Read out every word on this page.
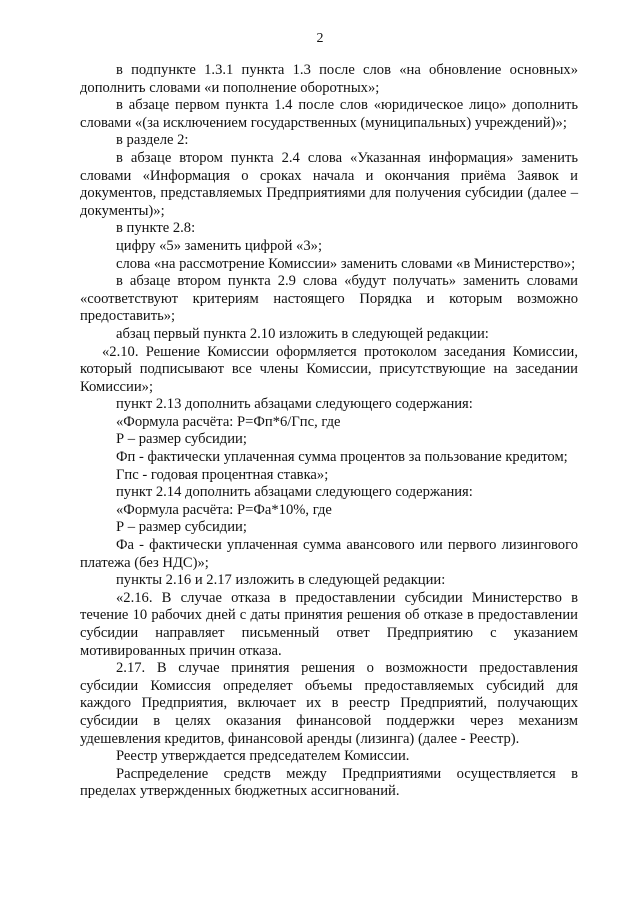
2

в подпункте 1.3.1 пункта 1.3 после слов «на обновление основных» дополнить словами «и пополнение оборотных»;

в абзаце первом пункта 1.4 после слов «юридическое лицо» дополнить словами «(за исключением государственных (муниципальных) учреждений)»;

в разделе 2:

в абзаце втором пункта 2.4 слова «Указанная информация» заменить словами «Информация о сроках начала и окончания приёма Заявок и документов, представляемых Предприятиями для получения субсидии (далее – документы)»;

в пункте 2.8:

цифру «5» заменить цифрой «3»;

слова «на рассмотрение Комиссии» заменить словами «в Министерство»;

в абзаце втором пункта 2.9 слова «будут получать» заменить словами «соответствуют критериям настоящего Порядка и которым возможно предоставить»;

абзац первый пункта 2.10 изложить в следующей редакции:

«2.10. Решение Комиссии оформляется протоколом заседания Комиссии, который подписывают все члены Комиссии, присутствующие на заседании Комиссии»;

пункт 2.13 дополнить абзацами следующего содержания:

«Формула расчёта: Р=Фп*6/Гпс, где

Р – размер субсидии;

Фп - фактически уплаченная сумма процентов за пользование кредитом;

Гпс - годовая процентная ставка»;

пункт 2.14 дополнить абзацами следующего содержания:

«Формула расчёта: Р=Фа*10%, где

Р – размер субсидии;

Фа - фактически уплаченная сумма авансового или первого лизингового платежа (без НДС)»;

пункты 2.16 и 2.17 изложить в следующей редакции:

«2.16. В случае отказа в предоставлении субсидии Министерство в течение 10 рабочих дней с даты принятия решения об отказе в предоставлении субсидии направляет письменный ответ Предприятию с указанием мотивированных причин отказа.

2.17. В случае принятия решения о возможности предоставления субсидии Комиссия определяет объемы предоставляемых субсидий для каждого Предприятия, включает их в реестр Предприятий, получающих субсидии в целях оказания финансовой поддержки через механизм удешевления кредитов, финансовой аренды (лизинга) (далее - Реестр).

Реестр утверждается председателем Комиссии.

Распределение средств между Предприятиями осуществляется в пределах утвержденных бюджетных ассигнований.
